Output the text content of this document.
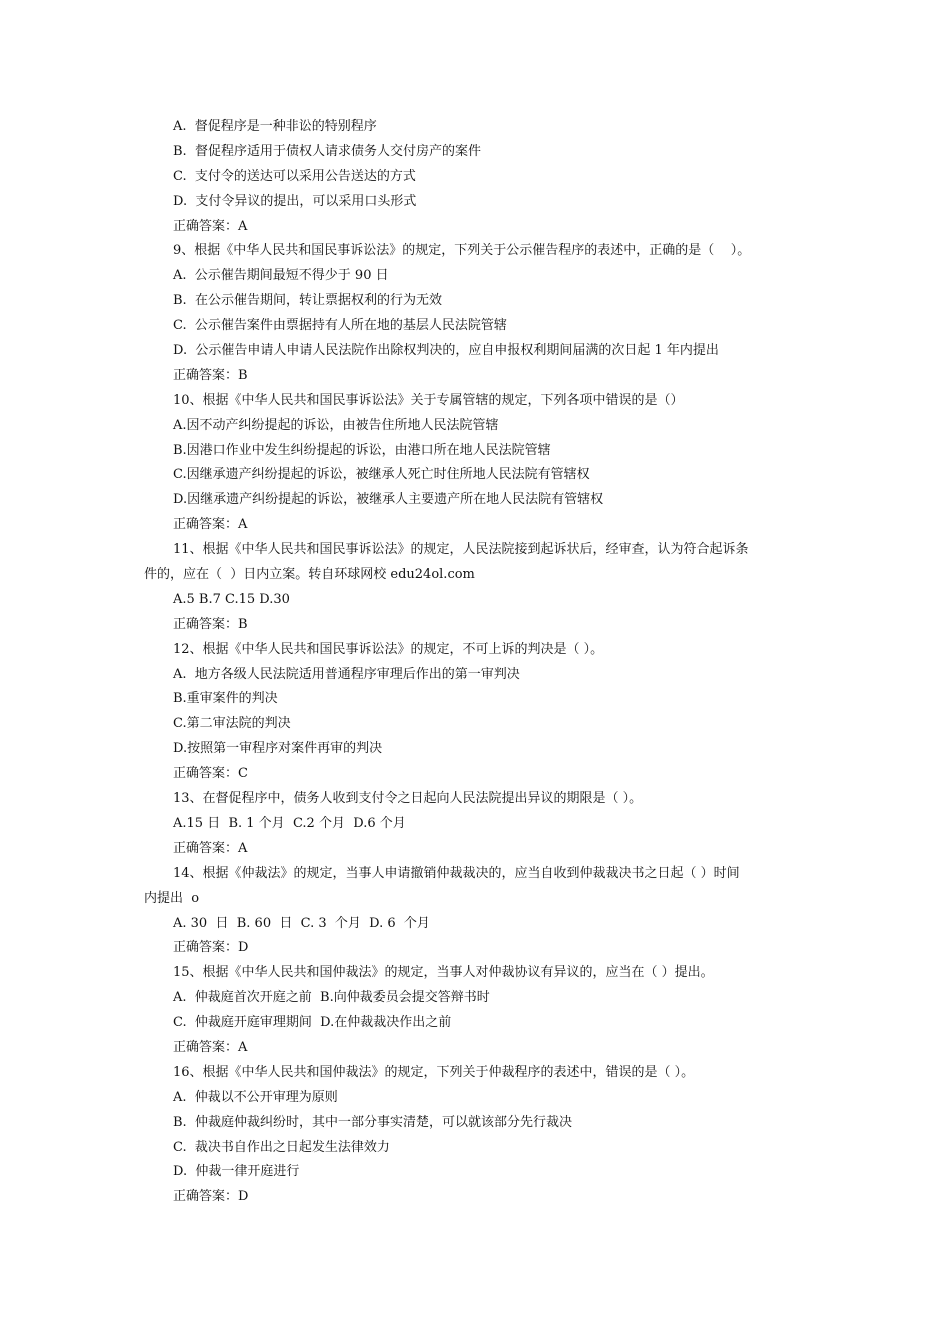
A.  督促程序是一种非讼的特别程序
B.  督促程序适用于债权人请求债务人交付房产的案件
C.  支付令的送达可以采用公告送达的方式
D.  支付令异议的提出，可以采用口头形式
正确答案：A
9、根据《中华人民共和国民事诉讼法》的规定，下列关于公示催告程序的表述中，正确的是（    ）。
A.  公示催告期间最短不得少于 90 日
B.  在公示催告期间，转让票据权利的行为无效
C.  公示催告案件由票据持有人所在地的基层人民法院管辖
D.  公示催告申请人申请人民法院作出除权判决的，应自申报权利期间届满的次日起 1 年内提出
正确答案：B
10、根据《中华人民共和国民事诉讼法》关于专属管辖的规定，下列各项中错误的是（）
A.因不动产纠纷提起的诉讼，由被告住所地人民法院管辖
B.因港口作业中发生纠纷提起的诉讼，由港口所在地人民法院管辖
C.因继承遗产纠纷提起的诉讼，被继承人死亡时住所地人民法院有管辖权
D.因继承遗产纠纷提起的诉讼，被继承人主要遗产所在地人民法院有管辖权
正确答案：A
11、根据《中华人民共和国民事诉讼法》的规定，人民法院接到起诉状后，经审查，认为符合起诉条
件的，应在（  ）日内立案。转自环球网校 edu24ol.com
A.5 B.7 C.15 D.30
正确答案：B
12、根据《中华人民共和国民事诉讼法》的规定，不可上诉的判决是（ ）。
A.  地方各级人民法院适用普通程序审理后作出的第一审判决
B.重审案件的判决
C.第二审法院的判决
D.按照第一审程序对案件再审的判决
正确答案：C
13、在督促程序中，债务人收到支付令之日起向人民法院提出异议的期限是（ ）。
A.15 日  B. 1 个月  C.2 个月  D.6 个月
正确答案：A
14、根据《仲裁法》的规定，当事人申请撤销仲裁裁决的，应当自收到仲裁裁决书之日起（ ）时间
内提出  o
A. 30  日  B. 60  日  C. 3  个月  D. 6  个月
正确答案：D
15、根据《中华人民共和国仲裁法》的规定，当事人对仲裁协议有异议的，应当在（ ）提出。
A.  仲裁庭首次开庭之前  B.向仲裁委员会提交答辩书时
C.  仲裁庭开庭审理期间  D.在仲裁裁决作出之前
正确答案：A
16、根据《中华人民共和国仲裁法》的规定，下列关于仲裁程序的表述中，错误的是（ ）。
A.  仲裁以不公开审理为原则
B.  仲裁庭仲裁纠纷时，其中一部分事实清楚，可以就该部分先行裁决
C.  裁决书自作出之日起发生法律效力
D.  仲裁一律开庭进行
正确答案：D
